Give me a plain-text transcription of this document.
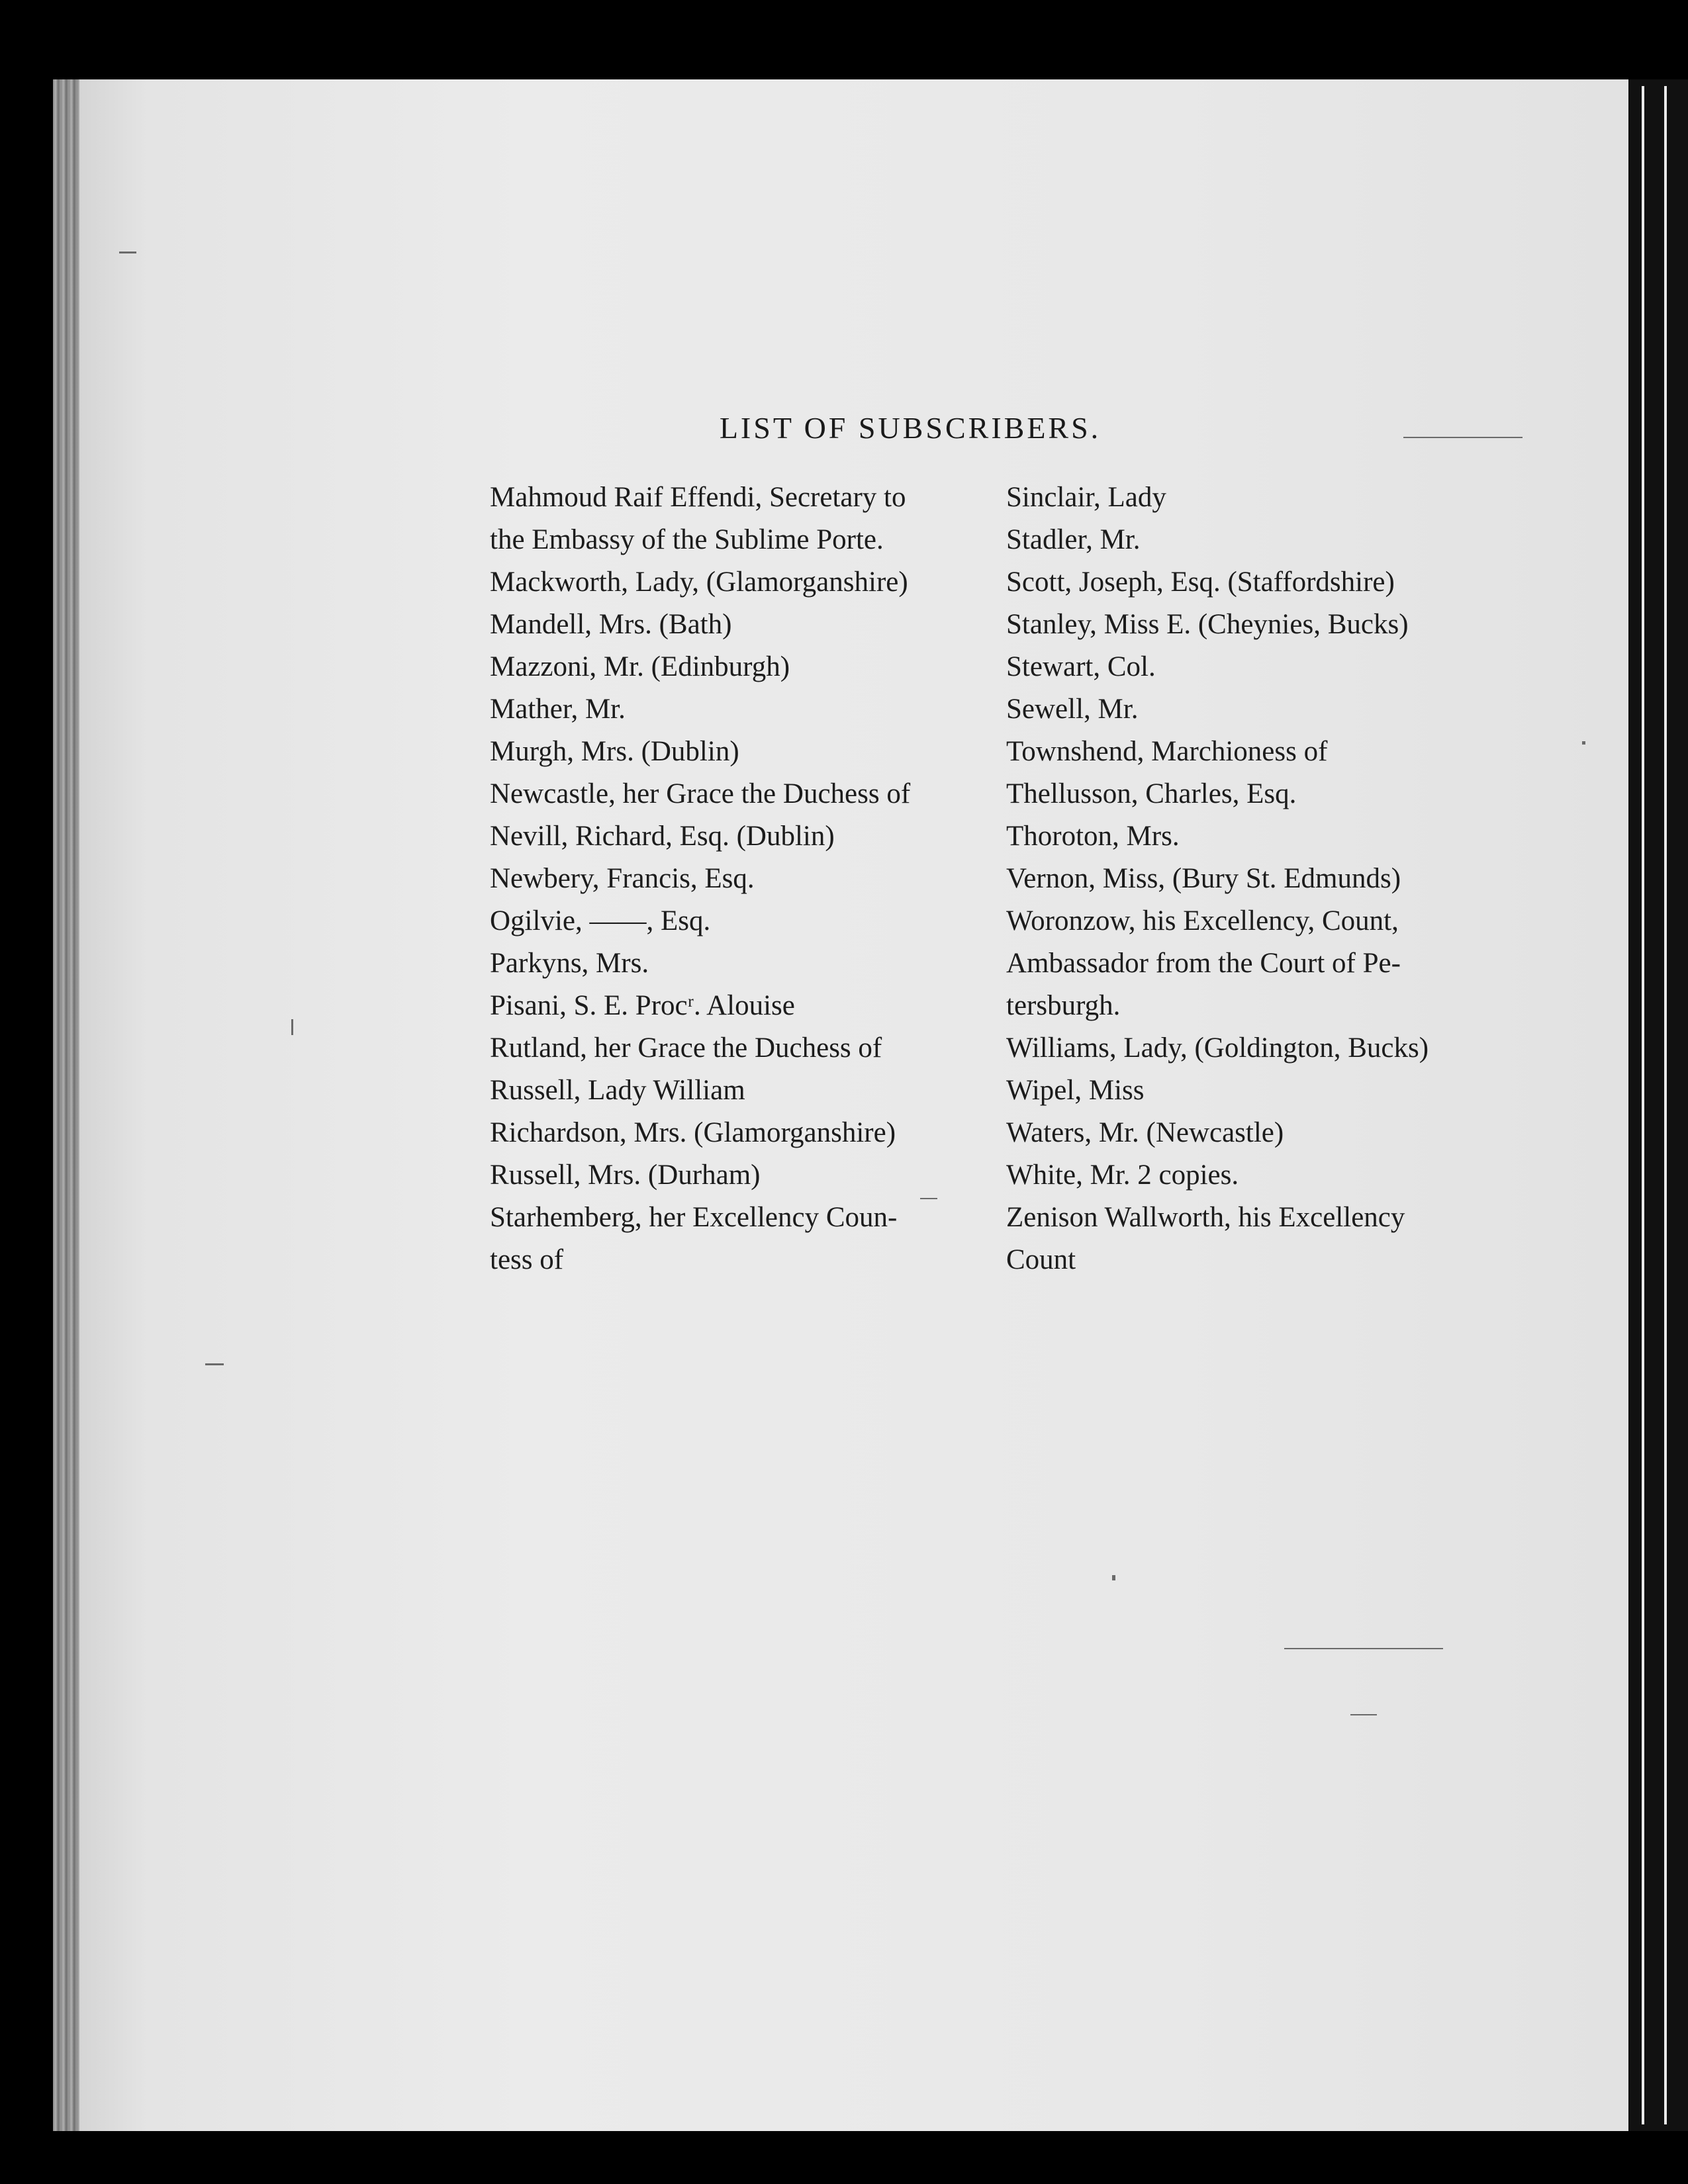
LIST OF SUBSCRIBERS.

Mahmoud Raif Effendi, Secretary to
the Embassy of the Sublime Porte.

Mackworth, Lady, (Glamorganshire)

Mandell, Mrs. (Bath)

Mazzoni, Mr. (Edinburgh)

Mather, Mr.

Murgh, Mrs. (Dublin)

Newcastle, her Grace the Duchess of

Nevill, Richard, Esq. (Dublin)

Newbery, Francis, Esq.

Ogilvie, ——, Esq.

Parkyns, Mrs.

Pisani, S. E. Procʳ. Alouise

Rutland, her Grace the Duchess of

Russell, Lady William

Richardson, Mrs. (Glamorganshire)

Russell, Mrs. (Durham)

Starhemberg, her Excellency Coun-
tess of

Sinclair, Lady

Stadler, Mr.

Scott, Joseph, Esq. (Staffordshire)

Stanley, Miss E. (Cheynies, Bucks)

Stewart, Col.

Sewell, Mr.

Townshend, Marchioness of

Thellusson, Charles, Esq.

Thoroton, Mrs.

Vernon, Miss, (Bury St. Edmunds)

Woronzow, his Excellency, Count,
Ambassador from the Court of Pe-
tersburgh.

Williams, Lady, (Goldington, Bucks)

Wipel, Miss

Waters, Mr. (Newcastle)

White, Mr. 2 copies.

Zenison Wallworth, his Excellency
Count
